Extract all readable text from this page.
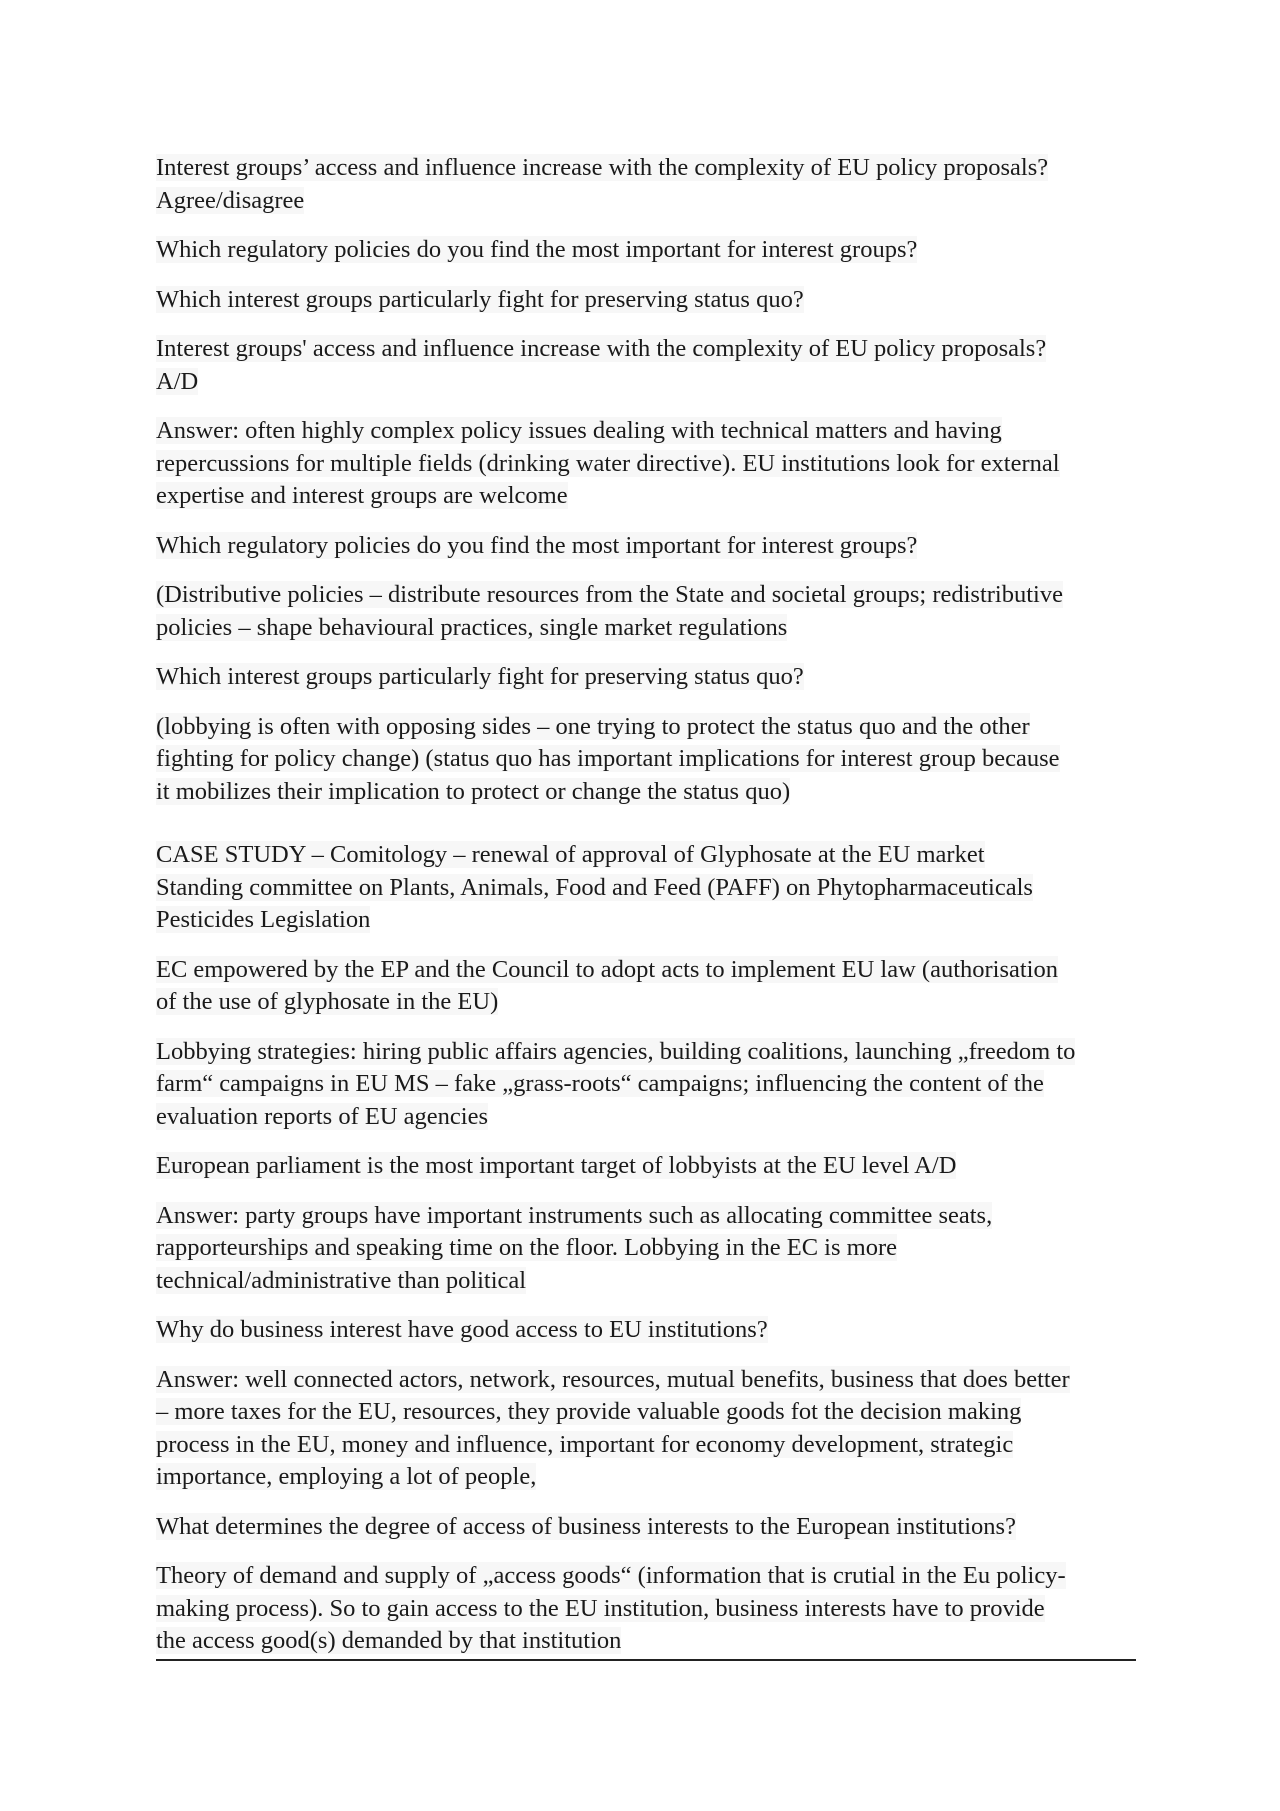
Interest groups’ access and influence increase with the complexity of EU policy proposals?
Agree/disagree

Which regulatory policies do you find the most important for interest groups?

Which interest groups particularly fight for preserving status quo?

Interest groups' access and influence increase with the complexity of EU policy proposals?
A/D

Answer: often highly complex policy issues dealing with technical matters and having
repercussions for multiple fields (drinking water directive). EU institutions look for external
expertise and interest groups are welcome

Which regulatory policies do you find the most important for interest groups?

(Distributive policies – distribute resources from the State and societal groups; redistributive
policies – shape behavioural practices, single market regulations

Which interest groups particularly fight for preserving status quo?

(lobbying is often with opposing sides – one trying to protect the status quo and the other
fighting for policy change) (status quo has important implications for interest group because
it mobilizes their implication to protect or change the status quo)

CASE STUDY – Comitology – renewal of approval of Glyphosate at the EU market
Standing committee on Plants, Animals, Food and Feed (PAFF) on Phytopharmaceuticals
Pesticides Legislation

EC empowered by the EP and the Council to adopt acts to implement EU law (authorisation
of the use of glyphosate in the EU)

Lobbying strategies: hiring public affairs agencies, building coalitions, launching „freedom to
farm“ campaigns in EU MS – fake „grass-roots“ campaigns; influencing the content of the
evaluation reports of EU agencies

European parliament is the most important target of lobbyists at the EU level A/D

Answer: party groups have important instruments such as allocating committee seats,
rapporteurships and speaking time on the floor. Lobbying in the EC is more
technical/administrative than political

Why do business interest have good access to EU institutions?

Answer: well connected actors, network, resources, mutual benefits, business that does better
– more taxes for the EU, resources, they provide valuable goods fot the decision making
process in the EU, money and influence, important for economy development, strategic
importance, employing a lot of people,

What determines the degree of access of business interests to the European institutions?

Theory of demand and supply of „access goods“ (information that is crutial in the Eu policy-
making process). So to gain access to the EU institution, business interests have to provide
the access good(s) demanded by that institution
